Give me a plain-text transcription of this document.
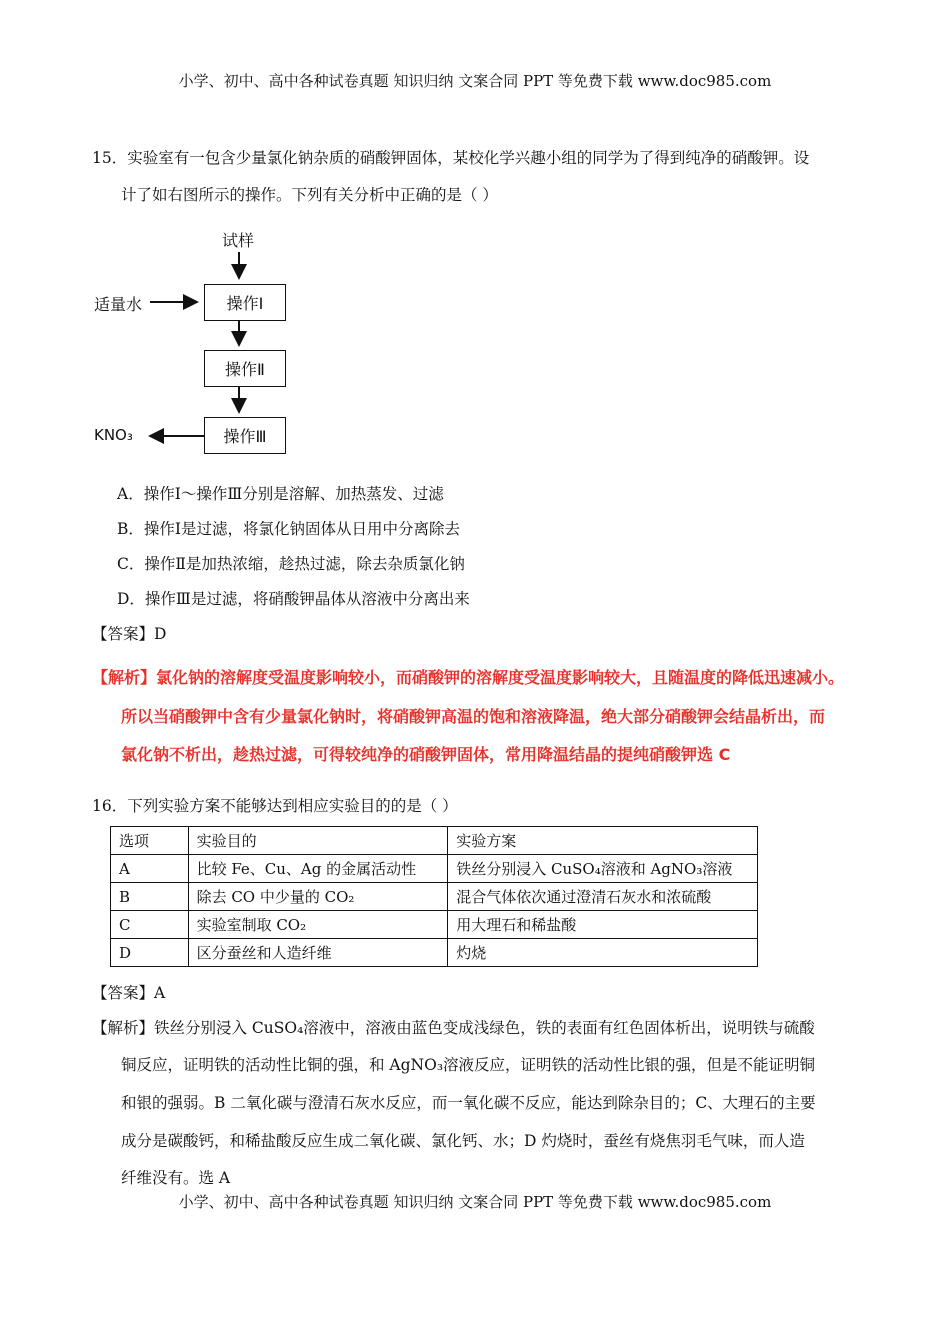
小学、初中、高中各种试卷真题 知识归纳 文案合同 PPT 等免费下载 www.doc985.com
15．实验室有一包含少量氯化钠杂质的硝酸钾固体，某校化学兴趣小组的同学为了得到纯净的硝酸钾。设
计了如右图所示的操作。下列有关分析中正确的是（ ）
试样
适量水	操作Ⅰ
操作Ⅱ
操作Ⅲ
KNO₃
A．操作Ⅰ～操作Ⅲ分别是溶解、加热蒸发、过滤
B．操作Ⅰ是过滤，将氯化钠固体从日用中分离除去
C．操作Ⅱ是加热浓缩，趁热过滤，除去杂质氯化钠
D．操作Ⅲ是过滤，将硝酸钾晶体从溶液中分离出来
【答案】D
【解析】氯化钠的溶解度受温度影响较小，而硝酸钾的溶解度受温度影响较大，且随温度的降低迅速减小。
所以当硝酸钾中含有少量氯化钠时，将硝酸钾高温的饱和溶液降温，绝大部分硝酸钾会结晶析出，而
氯化钠不析出，趁热过滤，可得较纯净的硝酸钾固体，常用降温结晶的提纯硝酸钾选 C
16．下列实验方案不能够达到相应实验目的的是（ ）
选项	实验目的	实验方案
A	比较 Fe、Cu、Ag 的金属活动性	铁丝分别浸入 CuSO₄溶液和 AgNO₃溶液
B	除去 CO 中少量的 CO₂	混合气体依次通过澄清石灰水和浓硫酸
C	实验室制取 CO₂	用大理石和稀盐酸
D	区分蚕丝和人造纤维	灼烧
【答案】A
【解析】铁丝分别浸入 CuSO₄溶液中，溶液由蓝色变成浅绿色，铁的表面有红色固体析出，说明铁与硫酸
铜反应，证明铁的活动性比铜的强，和 AgNO₃溶液反应，证明铁的活动性比银的强，但是不能证明铜
和银的强弱。B 二氧化碳与澄清石灰水反应，而一氧化碳不反应，能达到除杂目的；C、大理石的主要
成分是碳酸钙，和稀盐酸反应生成二氧化碳、氯化钙、水；D 灼烧时，蚕丝有烧焦羽毛气味，而人造
纤维没有。选 A
小学、初中、高中各种试卷真题 知识归纳 文案合同 PPT 等免费下载 www.doc985.com
